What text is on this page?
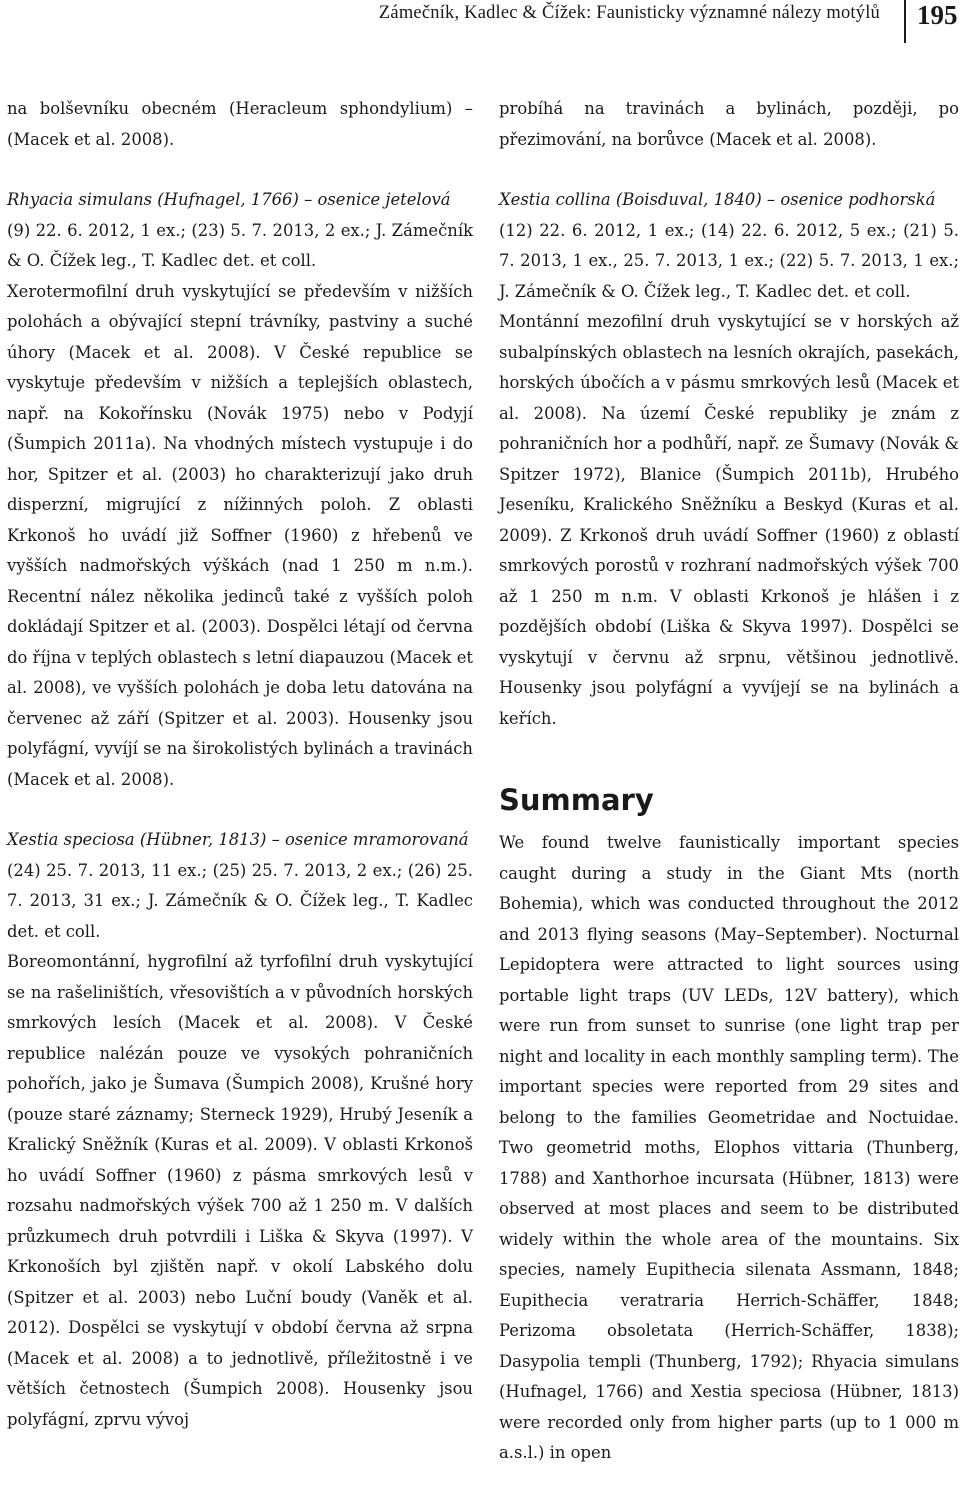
Zámečník, Kadlec & Čížek: Faunisticky významné nálezy motýlů 195

na bolševníku obecném (Heracleum sphondylium) – (Macek et al. 2008).

Rhyacia simulans (Hufnagel, 1766) – osenice jetelová

(9) 22. 6. 2012, 1 ex.; (23) 5. 7. 2013, 2 ex.; J. Zámečník & O. Čížek leg., T. Kadlec det. et coll.

Xerotermofilní druh vyskytující se především v nižších polohách a obývající stepní trávníky, pastviny a suché úhory (Macek et al. 2008). V České republice se vyskytuje především v nižších a teplejších oblastech, např. na Kokořínsku (Novák 1975) nebo v Podyjí (Šumpich 2011a). Na vhodných místech vystupuje i do hor, Spitzer et al. (2003) ho charakterizují jako druh disperzní, migrující z nížinných poloh. Z oblasti Krkonoš ho uvádí již Soffner (1960) z hřebenů ve vyšších nadmořských výškách (nad 1 250 m n.m.). Recentní nález několika jedinců také z vyšších poloh dokládají Spitzer et al. (2003). Dospělci létají od června do října v teplých oblastech s letní diapauzou (Macek et al. 2008), ve vyšších polohách je doba letu datována na červenec až září (Spitzer et al. 2003). Housenky jsou polyfágní, vyvíjí se na širokolistých bylinách a travinách (Macek et al. 2008).

Xestia speciosa (Hübner, 1813) – osenice mramorovaná

(24) 25. 7. 2013, 11 ex.; (25) 25. 7. 2013, 2 ex.; (26) 25. 7. 2013, 31 ex.; J. Zámečník & O. Čížek leg., T. Kadlec det. et coll.

Boreomontánní, hygrofilní až tyrfofilní druh vyskytující se na rašeliništích, vřesovištích a v původních horských smrkových lesích (Macek et al. 2008). V České republice nalézán pouze ve vysokých pohraničních pohořích, jako je Šumava (Šumpich 2008), Krušné hory (pouze staré záznamy; Sterneck 1929), Hrubý Jeseník a Kralický Sněžník (Kuras et al. 2009). V oblasti Krkonoš ho uvádí Soffner (1960) z pásma smrkových lesů v rozsahu nadmořských výšek 700 až 1 250 m. V dalších průzkumech druh potvrdili i Liška & Skyva (1997). V Krkonoších byl zjištěn např. v okolí Labského dolu (Spitzer et al. 2003) nebo Luční boudy (Vaněk et al. 2012). Dospělci se vyskytují v období června až srpna (Macek et al. 2008) a to jednotlivě, příležitostně i ve větších četnostech (Šumpich 2008). Housenky jsou polyfágní, zprvu vývoj

probíhá na travinách a bylinách, později, po přezimování, na borůvce (Macek et al. 2008).

Xestia collina (Boisduval, 1840) – osenice podhorská

(12) 22. 6. 2012, 1 ex.; (14) 22. 6. 2012, 5 ex.; (21) 5. 7. 2013, 1 ex., 25. 7. 2013, 1 ex.; (22) 5. 7. 2013, 1 ex.; J. Zámečník & O. Čížek leg., T. Kadlec det. et coll.

Montánní mezofilní druh vyskytující se v horských až subalpínských oblastech na lesních okrajích, pasekách, horských úbočích a v pásmu smrkových lesů (Macek et al. 2008). Na území České republiky je znám z pohraničních hor a podhůří, např. ze Šumavy (Novák & Spitzer 1972), Blanice (Šumpich 2011b), Hrubého Jeseníku, Kralického Sněžníku a Beskyd (Kuras et al. 2009). Z Krkonoš druh uvádí Soffner (1960) z oblastí smrkových porostů v rozhraní nadmořských výšek 700 až 1 250 m n.m. V oblasti Krkonoš je hlášen i z pozdějších období (Liška & Skyva 1997). Dospělci se vyskytují v červnu až srpnu, většinou jednotlivě. Housenky jsou polyfágní a vyvíjejí se na bylinách a keřích.

Summary

We found twelve faunistically important species caught during a study in the Giant Mts (north Bohemia), which was conducted throughout the 2012 and 2013 flying seasons (May–September). Nocturnal Lepidoptera were attracted to light sources using portable light traps (UV LEDs, 12V battery), which were run from sunset to sunrise (one light trap per night and locality in each monthly sampling term). The important species were reported from 29 sites and belong to the families Geometridae and Noctuidae. Two geometrid moths, Elophos vittaria (Thunberg, 1788) and Xanthorhoe incursata (Hübner, 1813) were observed at most places and seem to be distributed widely within the whole area of the mountains. Six species, namely Eupithecia silenata Assmann, 1848; Eupithecia veratraria Herrich-Schäffer, 1848; Perizoma obsoletata (Herrich-Schäffer, 1838); Dasypolia templi (Thunberg, 1792); Rhyacia simulans (Hufnagel, 1766) and Xestia speciosa (Hübner, 1813) were recorded only from higher parts (up to 1 000 m a.s.l.) in open
